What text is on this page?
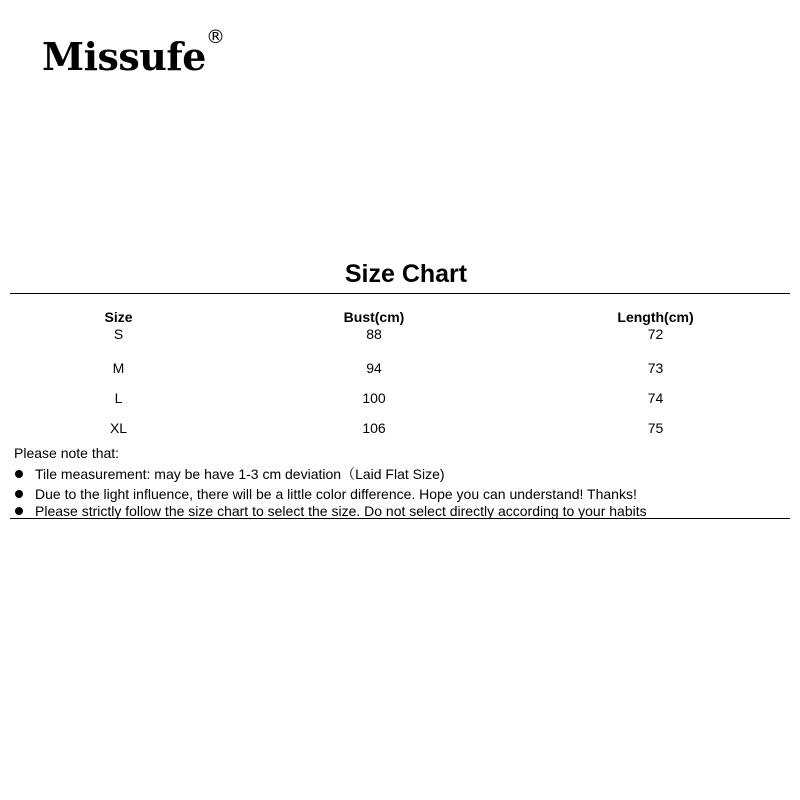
Missufe ®
Size Chart
Size	Bust(cm)	Length(cm)
S	88	72
M	94	73
L	100	74
XL	106	75
Please note that:
Tile measurement: may be have 1-3 cm deviation（Laid Flat Size)
Due to the light influence, there will be a little color difference. Hope you can understand! Thanks!
Please strictly follow the size chart to select the size. Do not select directly according to your habits
